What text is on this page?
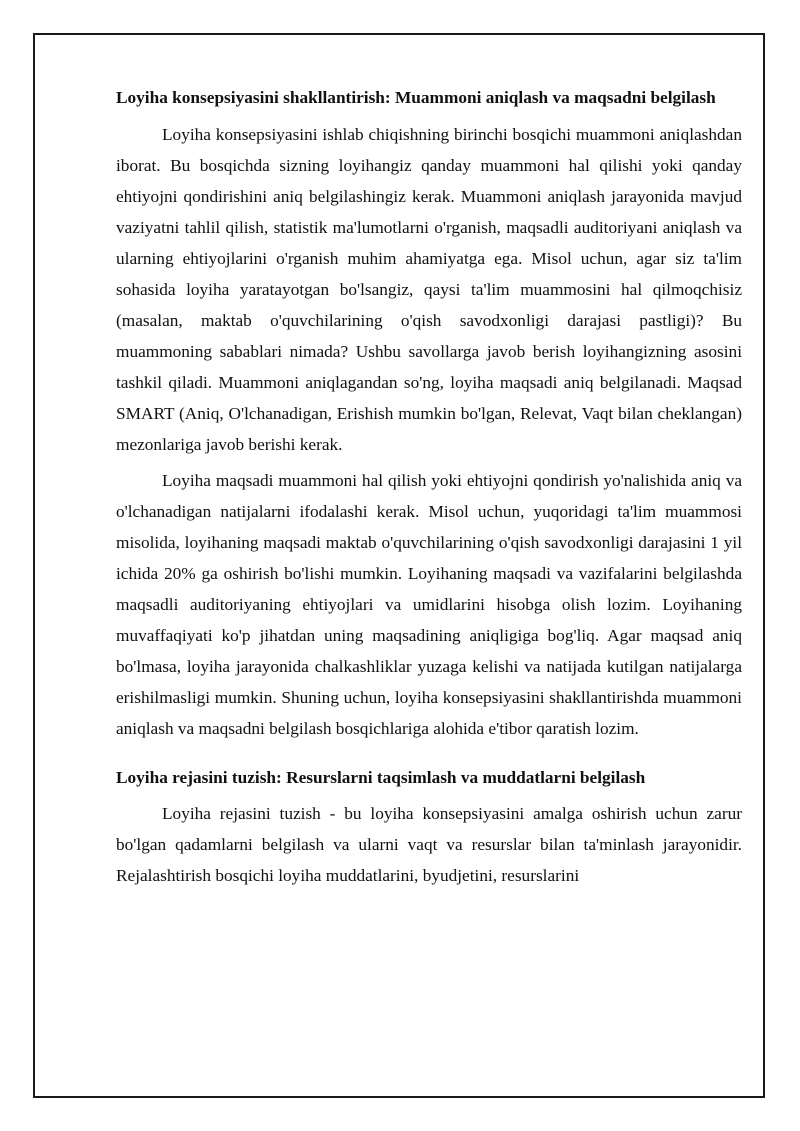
Loyiha konsepsiyasini shakllantirish: Muammoni aniqlash va maqsadni belgilash

Loyiha konsepsiyasini ishlab chiqishning birinchi bosqichi muammoni aniqlashdan iborat. Bu bosqichda sizning loyihangiz qanday muammoni hal qilishi yoki qanday ehtiyojni qondirishini aniq belgilashingiz kerak. Muammoni aniqlash jarayonida mavjud vaziyatni tahlil qilish, statistik ma'lumotlarni o'rganish, maqsadli auditoriyani aniqlash va ularning ehtiyojlarini o'rganish muhim ahamiyatga ega. Misol uchun, agar siz ta'lim sohasida loyiha yaratayotgan bo'lsangiz, qaysi ta'lim muammosini hal qilmoqchisiz (masalan, maktab o'quvchilarining o'qish savodxonligi darajasi pastligi)? Bu muammoning sabablari nimada? Ushbu savollarga javob berish loyihangizning asosini tashkil qiladi. Muammoni aniqlagandan so'ng, loyiha maqsadi aniq belgilanadi. Maqsad SMART (Aniq, O'lchanadigan, Erishish mumkin bo'lgan, Relevat, Vaqt bilan cheklangan) mezonlariga javob berishi kerak.

Loyiha maqsadi muammoni hal qilish yoki ehtiyojni qondirish yo'nalishida aniq va o'lchanadigan natijalarni ifodalashi kerak. Misol uchun, yuqoridagi ta'lim muammosi misolida, loyihaning maqsadi maktab o'quvchilarining o'qish savodxonligi darajasini 1 yil ichida 20% ga oshirish bo'lishi mumkin. Loyihaning maqsadi va vazifalarini belgilashda maqsadli auditoriyaning ehtiyojlari va umidlarini hisobga olish lozim. Loyihaning muvaffaqiyati ko'p jihatdan uning maqsadining aniqligiga bog'liq. Agar maqsad aniq bo'lmasa, loyiha jarayonida chalkashliklar yuzaga kelishi va natijada kutilgan natijalarga erishilmasligi mumkin. Shuning uchun, loyiha konsepsiyasini shakllantirishda muammoni aniqlash va maqsadni belgilash bosqichlariga alohida e'tibor qaratish lozim.

Loyiha rejasini tuzish: Resurslarni taqsimlash va muddatlarni belgilash

Loyiha rejasini tuzish - bu loyiha konsepsiyasini amalga oshirish uchun zarur bo'lgan qadamlarni belgilash va ularni vaqt va resurslar bilan ta'minlash jarayonidir. Rejalashtirish bosqichi loyiha muddatlarini, byudjetini, resurslarini
